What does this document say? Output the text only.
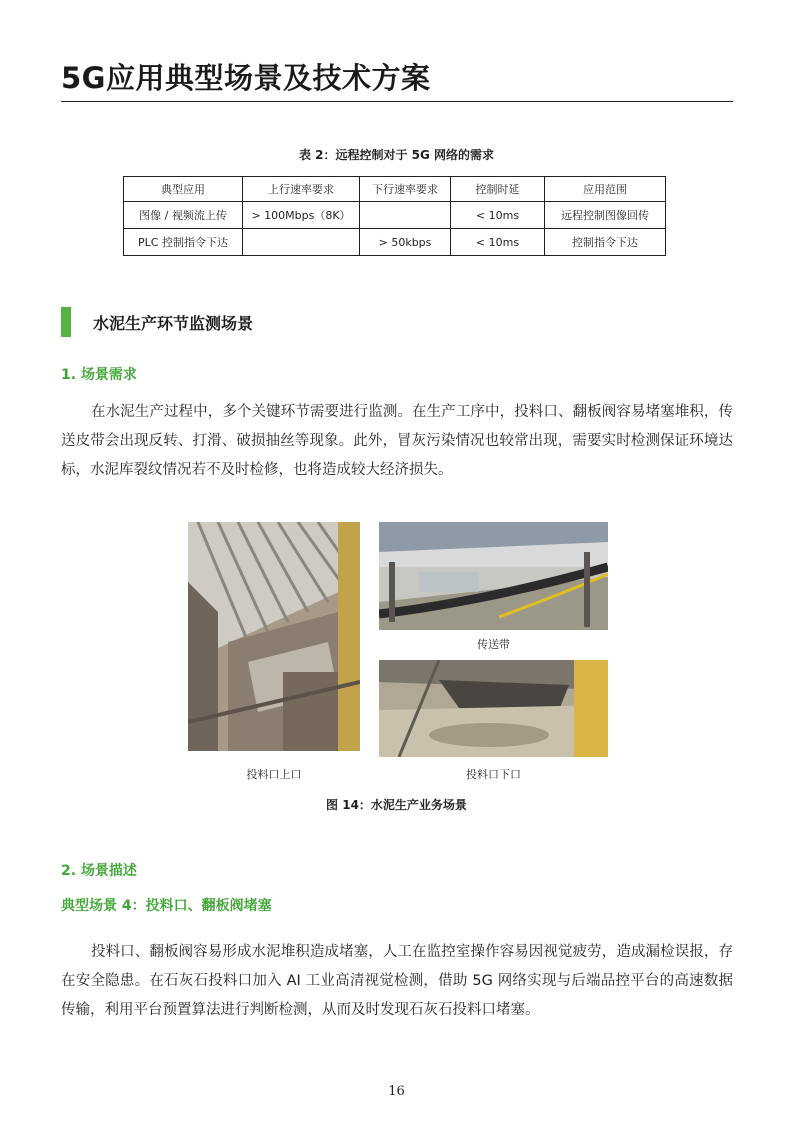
5G应用典型场景及技术方案
表 2：远程控制对于 5G 网络的需求
典型应用	上行速率要求	下行速率要求	控制时延	应用范围
图像 / 视频流上传	> 100Mbps（8K）		< 10ms	远程控制图像回传
PLC 控制指令下达		> 50kbps	< 10ms	控制指令下达
水泥生产环节监测场景
1. 场景需求

在水泥生产过程中，多个关键环节需要进行监测。在生产工序中，投料口、翻板阀容易堵塞堆积，传送皮带会出现反转、打滑、破损抽丝等现象。此外，冒灰污染情况也较常出现，需要实时检测保证环境达标，水泥库裂纹情况若不及时检修，也将造成较大经济损失。

投料口上口
传送带
投料口下口
图 14：水泥生产业务场景
2. 场景描述
典型场景 4：投料口、翻板阀堵塞

投料口、翻板阀容易形成水泥堆积造成堵塞，人工在监控室操作容易因视觉疲劳，造成漏检误报，存在安全隐患。在石灰石投料口加入 AI 工业高清视觉检测，借助 5G 网络实现与后端品控平台的高速数据传输，利用平台预置算法进行判断检测，从而及时发现石灰石投料口堵塞。

16
